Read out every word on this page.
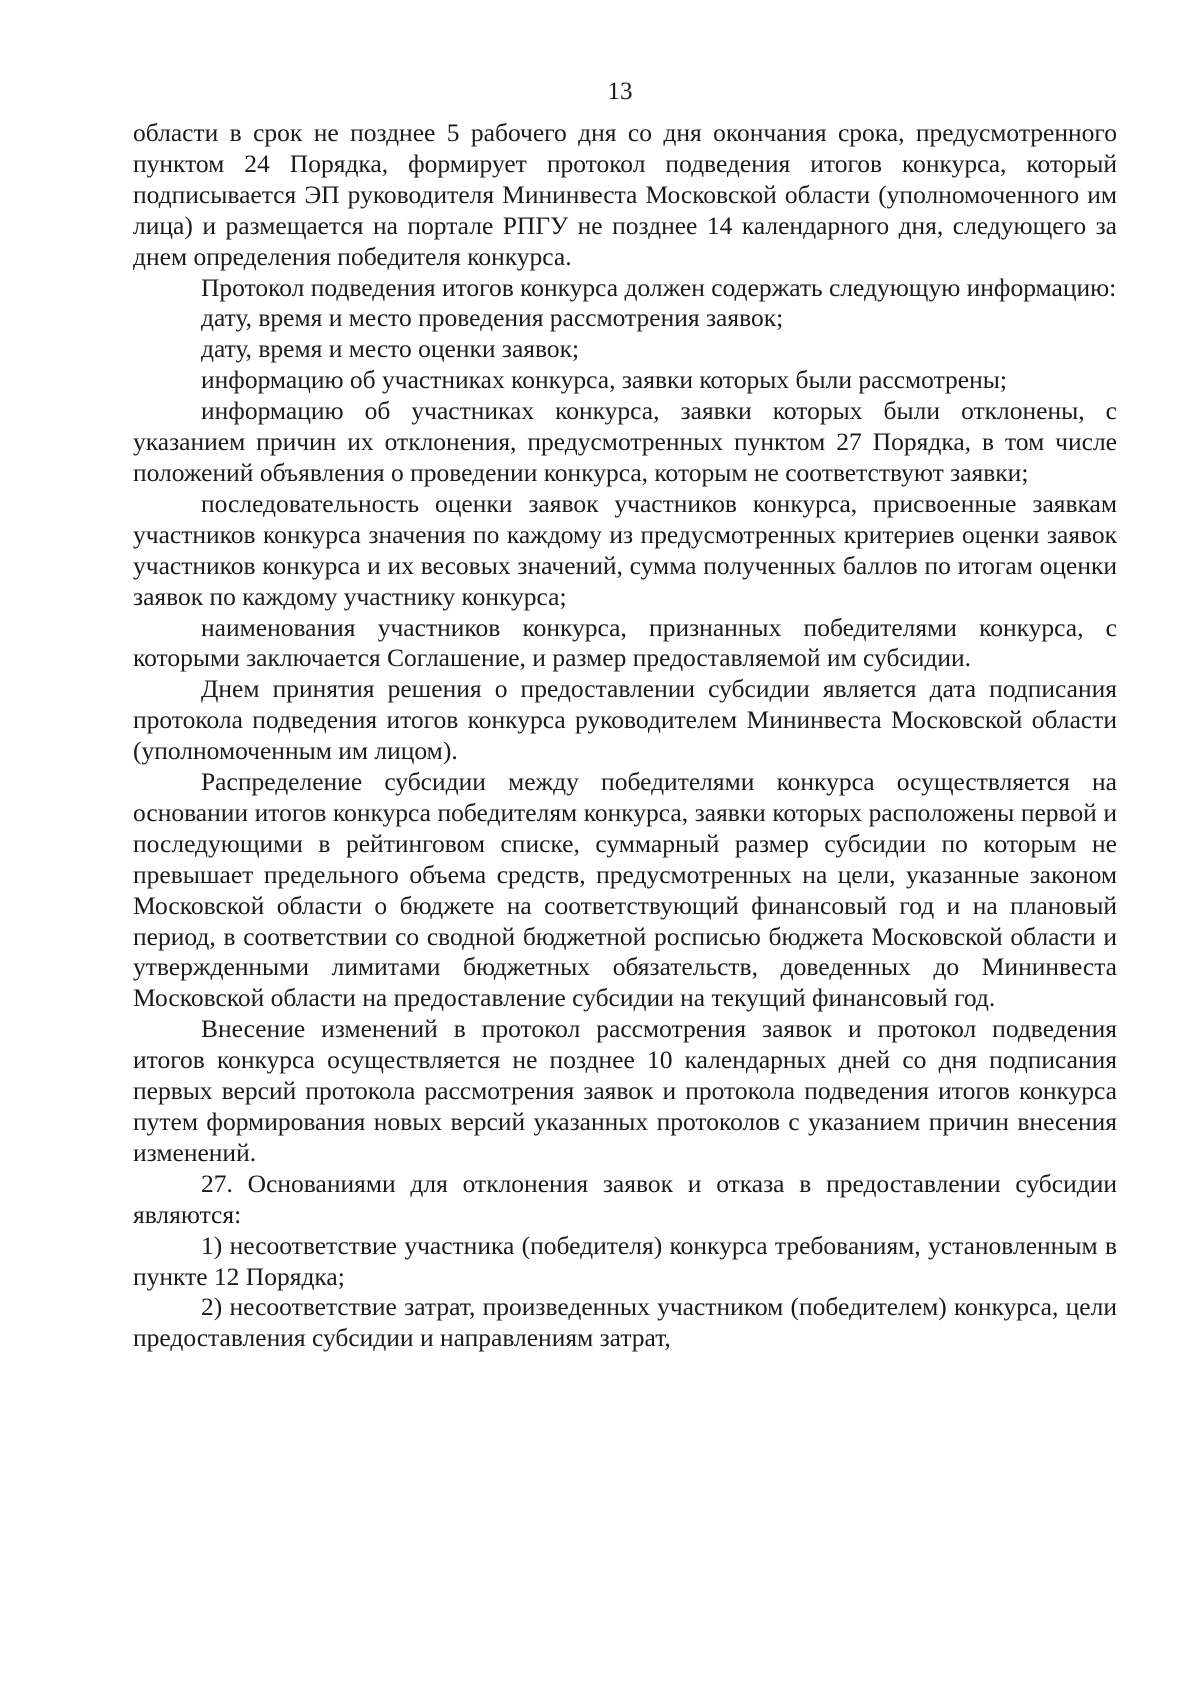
13

области в срок не позднее 5 рабочего дня со дня окончания срока, предусмотренного пунктом 24 Порядка, формирует протокол подведения итогов конкурса, который подписывается ЭП руководителя Мининвеста Московской области (уполномоченного им лица) и размещается на портале РПГУ не позднее 14 календарного дня, следующего за днем определения победителя конкурса.

Протокол подведения итогов конкурса должен содержать следующую информацию:

дату, время и место проведения рассмотрения заявок;

дату, время и место оценки заявок;

информацию об участниках конкурса, заявки которых были рассмотрены;

информацию об участниках конкурса, заявки которых были отклонены, с указанием причин их отклонения, предусмотренных пунктом 27 Порядка, в том числе положений объявления о проведении конкурса, которым не соответствуют заявки;

последовательность оценки заявок участников конкурса, присвоенные заявкам участников конкурса значения по каждому из предусмотренных критериев оценки заявок участников конкурса и их весовых значений, сумма полученных баллов по итогам оценки заявок по каждому участнику конкурса;

наименования участников конкурса, признанных победителями конкурса, с которыми заключается Соглашение, и размер предоставляемой им субсидии.

Днем принятия решения о предоставлении субсидии является дата подписания протокола подведения итогов конкурса руководителем Мининвеста Московской области (уполномоченным им лицом).

Распределение субсидии между победителями конкурса осуществляется на основании итогов конкурса победителям конкурса, заявки которых расположены первой и последующими в рейтинговом списке, суммарный размер субсидии по которым не превышает предельного объема средств, предусмотренных на цели, указанные законом Московской области о бюджете на соответствующий финансовый год и на плановый период, в соответствии со сводной бюджетной росписью бюджета Московской области и утвержденными лимитами бюджетных обязательств, доведенных до Мининвеста Московской области на предоставление субсидии на текущий финансовый год.

Внесение изменений в протокол рассмотрения заявок и протокол подведения итогов конкурса осуществляется не позднее 10 календарных дней со дня подписания первых версий протокола рассмотрения заявок и протокола подведения итогов конкурса путем формирования новых версий указанных протоколов с указанием причин внесения изменений.

27. Основаниями для отклонения заявок и отказа в предоставлении субсидии являются:

1) несоответствие участника (победителя) конкурса требованиям, установленным в пункте 12 Порядка;

2) несоответствие затрат, произведенных участником (победителем) конкурса, цели предоставления субсидии и направлениям затрат,
